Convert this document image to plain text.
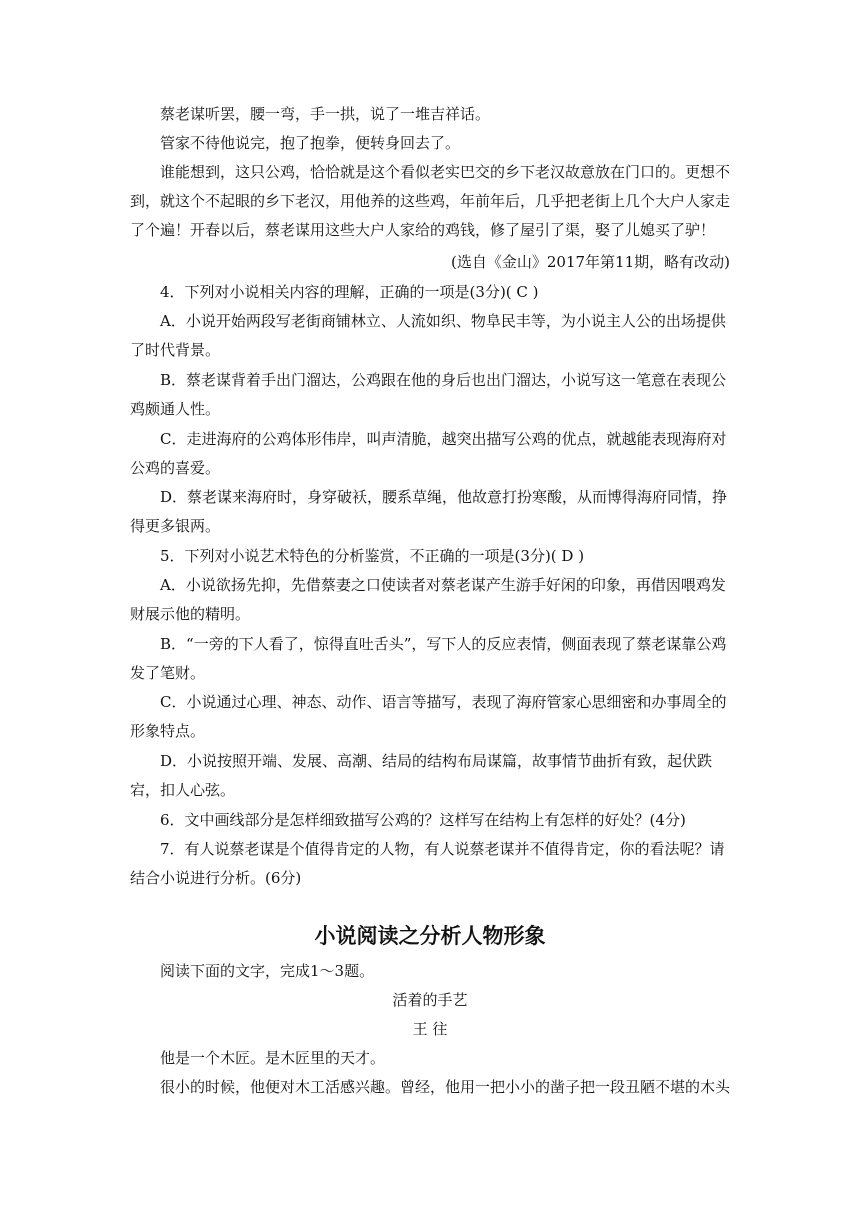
蔡老谋听罢，腰一弯，手一拱，说了一堆吉祥话。

管家不待他说完，抱了抱拳，便转身回去了。

谁能想到，这只公鸡，恰恰就是这个看似老实巴交的乡下老汉故意放在门口的。更想不到，就这个不起眼的乡下老汉，用他养的这些鸡，年前年后，几乎把老街上几个大户人家走了个遍！开春以后，蔡老谋用这些大户人家给的鸡钱，修了屋引了渠，娶了儿媳买了驴！

(选自《金山》2017年第11期，略有改动)

4．下列对小说相关内容的理解，正确的一项是(3分)( C )

A．小说开始两段写老街商铺林立、人流如织、物阜民丰等，为小说主人公的出场提供了时代背景。

B．蔡老谋背着手出门溜达，公鸡跟在他的身后也出门溜达，小说写这一笔意在表现公鸡颇通人性。

C．走进海府的公鸡体形伟岸，叫声清脆，越突出描写公鸡的优点，就越能表现海府对公鸡的喜爱。

D．蔡老谋来海府时，身穿破袄，腰系草绳，他故意打扮寒酸，从而博得海府同情，挣得更多银两。

5．下列对小说艺术特色的分析鉴赏，不正确的一项是(3分)( D )

A．小说欲扬先抑，先借蔡妻之口使读者对蔡老谋产生游手好闲的印象，再借因喂鸡发财展示他的精明。

B．“一旁的下人看了，惊得直吐舌头”，写下人的反应表情，侧面表现了蔡老谋靠公鸡发了笔财。

C．小说通过心理、神态、动作、语言等描写，表现了海府管家心思细密和办事周全的形象特点。

D．小说按照开端、发展、高潮、结局的结构布局谋篇，故事情节曲折有致，起伏跌宕，扣人心弦。

6．文中画线部分是怎样细致描写公鸡的？这样写在结构上有怎样的好处？(4分)

7．有人说蔡老谋是个值得肯定的人物，有人说蔡老谋并不值得肯定，你的看法呢？请结合小说进行分析。(6分)

小说阅读之分析人物形象

阅读下面的文字，完成1～3题。

活着的手艺

王 往

他是一个木匠。是木匠里的天才。

很小的时候，他便对木工活感兴趣。曾经，他用一把小小的凿子把一段丑陋不堪的木头
